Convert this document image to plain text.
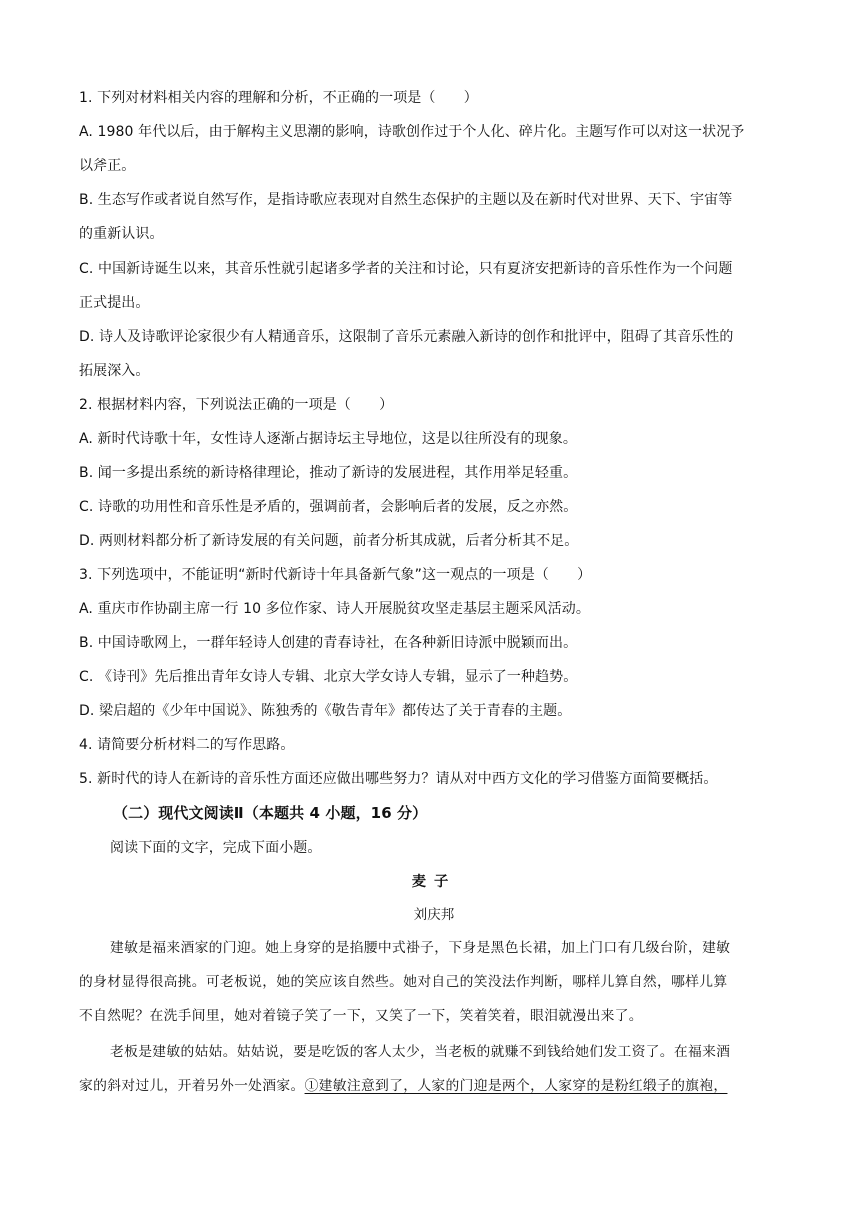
1. 下列对材料相关内容的理解和分析，不正确的一项是（　　）
A. 1980 年代以后，由于解构主义思潮的影响，诗歌创作过于个人化、碎片化。主题写作可以对这一状况予
以斧正。
B. 生态写作或者说自然写作，是指诗歌应表现对自然生态保护的主题以及在新时代对世界、天下、宇宙等
的重新认识。
C. 中国新诗诞生以来，其音乐性就引起诸多学者的关注和讨论，只有夏济安把新诗的音乐性作为一个问题
正式提出。
D. 诗人及诗歌评论家很少有人精通音乐，这限制了音乐元素融入新诗的创作和批评中，阻碍了其音乐性的
拓展深入。
2. 根据材料内容，下列说法正确的一项是（　　）
A. 新时代诗歌十年，女性诗人逐渐占据诗坛主导地位，这是以往所没有的现象。
B. 闻一多提出系统的新诗格律理论，推动了新诗的发展进程，其作用举足轻重。
C. 诗歌的功用性和音乐性是矛盾的，强调前者，会影响后者的发展，反之亦然。
D. 两则材料都分析了新诗发展的有关问题，前者分析其成就，后者分析其不足。
3. 下列选项中，不能证明“新时代新诗十年具备新气象”这一观点的一项是（　　）
A. 重庆市作协副主席一行 10 多位作家、诗人开展脱贫攻坚走基层主题采风活动。
B. 中国诗歌网上，一群年轻诗人创建的青春诗社，在各种新旧诗派中脱颖而出。
C. 《诗刊》先后推出青年女诗人专辑、北京大学女诗人专辑，显示了一种趋势。
D. 梁启超的《少年中国说》、陈独秀的《敬告青年》都传达了关于青春的主题。
4. 请简要分析材料二的写作思路。
5. 新时代的诗人在新诗的音乐性方面还应做出哪些努力？请从对中西方文化的学习借鉴方面简要概括。
（二）现代文阅读Ⅱ（本题共 4 小题，16 分）
阅读下面的文字，完成下面小题。
麦子
刘庆邦
建敏是福来酒家的门迎。她上身穿的是掐腰中式褂子，下身是黑色长裙，加上门口有几级台阶，建敏
的身材显得很高挑。可老板说，她的笑应该自然些。她对自己的笑没法作判断，哪样儿算自然，哪样儿算
不自然呢？在洗手间里，她对着镜子笑了一下，又笑了一下，笑着笑着，眼泪就漫出来了。
老板是建敏的姑姑。姑姑说，要是吃饭的客人太少，当老板的就赚不到钱给她们发工资了。在福来酒
家的斜对过儿，开着另外一处酒家。①建敏注意到了，人家的门迎是两个，人家穿的是粉红缎子的旗袍，
